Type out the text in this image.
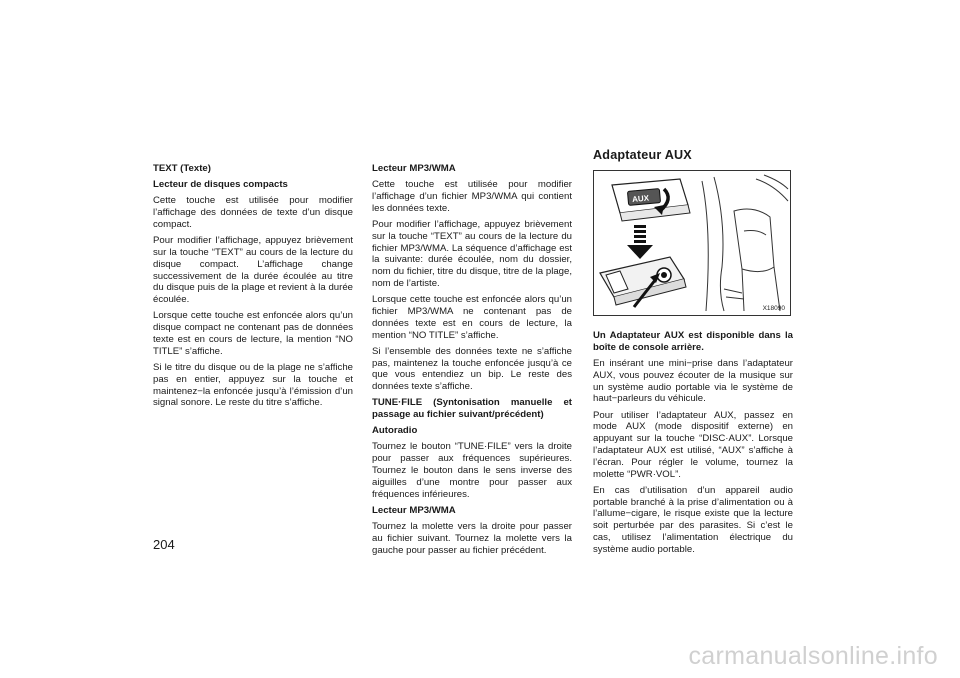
TEXT (Texte)

Lecteur de disques compacts

Cette touche est utilisée pour modifier l’affichage des données de texte d’un disque compact.

Pour modifier l’affichage, appuyez brièvement sur la touche “TEXT” au cours de la lecture du disque compact. L’affichage change successivement de la durée écoulée au titre du disque puis de la plage et revient à la durée écoulée.

Lorsque cette touche est enfoncée alors qu’un disque compact ne contenant pas de données texte est en cours de lecture, la mention “NO TITLE” s’affiche.

Si le titre du disque ou de la plage ne s’affiche pas en entier, appuyez sur la touche et maintenez−la enfoncée jusqu’à l’émission d’un signal sonore. Le reste du titre s’affiche.

Lecteur MP3/WMA

Cette touche est utilisée pour modifier l’affichage d’un fichier MP3/WMA qui contient les données texte.

Pour modifier l’affichage, appuyez brièvement sur la touche “TEXT” au cours de la lecture du fichier MP3/WMA. La séquence d’affichage est la suivante: durée écoulée, nom du dossier, nom du fichier, titre du disque, titre de la plage, nom de l’artiste.

Lorsque cette touche est enfoncée alors qu’un fichier MP3/WMA ne contenant pas de données texte est en cours de lecture, la mention “NO TITLE” s’affiche.

Si l’ensemble des données texte ne s’affiche pas, maintenez la touche enfoncée jusqu’à ce que vous entendiez un bip. Le reste des données texte s’affiche.

TUNE·FILE (Syntonisation manuelle et passage au fichier suivant/précédent)

Autoradio

Tournez le bouton “TUNE·FILE” vers la droite pour passer aux fréquences supérieures. Tournez le bouton dans le sens inverse des aiguilles d’une montre pour passer aux fréquences inférieures.

Lecteur MP3/WMA

Tournez la molette vers la droite pour passer au fichier suivant. Tournez la molette vers la gauche pour passer au fichier précédent.

Adaptateur AUX
AUX
X18090

Un Adaptateur AUX est disponible dans la boîte de console arrière.

En insérant une mini−prise dans l’adaptateur AUX, vous pouvez écouter de la musique sur un système audio portable via le système de haut−parleurs du véhicule.

Pour utiliser l’adaptateur AUX, passez en mode AUX (mode dispositif externe) en appuyant sur la touche “DISC·AUX”. Lorsque l’adaptateur AUX est utilisé, “AUX” s’affiche à l’écran. Pour régler le volume, tournez la molette “PWR·VOL”.

En cas d’utilisation d’un appareil audio portable branché à la prise d’alimentation ou à l’allume−cigare, le risque existe que la lecture soit perturbée par des parasites. Si c’est le cas, utilisez l’alimentation électrique du système audio portable.

204
carmanualsonline.info
